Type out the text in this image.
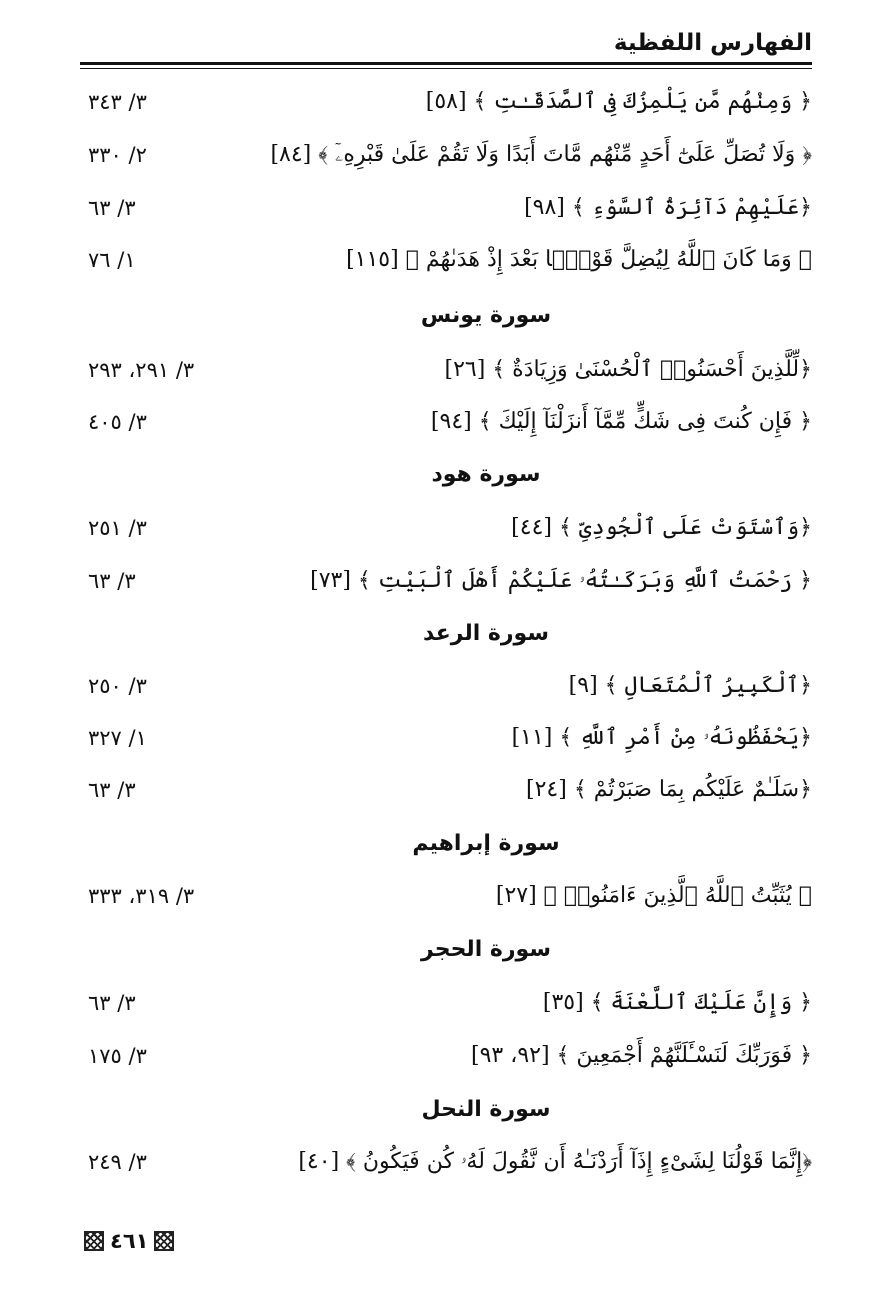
الفهارس اللفظية
٣/ ٣٤٣	﴿ وَمِنْهُم مَّن يَلْمِزُكَ فِى ٱلصَّدَقَـٰتِ ﴾ [٥٨]
٢/ ٣٣٠	﴿ وَلَا تُصَلِّ عَلَىٰٓ أَحَدٍ مِّنْهُم مَّاتَ أَبَدًا وَلَا تَقُمْ عَلَىٰ قَبْرِهِۦٓ ﴾ [٨٤]
٣/ ٦٣	﴿عَلَيْهِمْ دَآئِرَةُ ٱلسَّوْءِ ﴾ [٩٨]
١/ ٧٦	﴿ وَمَا كَانَ ٱللَّهُ لِيُضِلَّ قَوْمًۢا بَعْدَ إِذْ هَدَىٰهُمْ ﴾ [١١٥]
سورة يونس
٣/ ٢٩١، ٢٩٣	﴿لِّلَّذِينَ أَحْسَنُوا۟ ٱلْحُسْنَىٰ وَزِيَادَةٌ ﴾ [٢٦]
٣/ ٤٠٥	﴿ فَإِن كُنتَ فِى شَكٍّ مِّمَّآ أَنزَلْنَآ إِلَيْكَ ﴾ [٩٤]
سورة هود
٣/ ٢٥١	﴿وَٱسْتَوَتْ عَلَى ٱلْجُودِىِّ ﴾ [٤٤]
٣/ ٦٣	﴿ رَحْمَتُ ٱللَّهِ وَبَرَكَـٰتُهُۥ عَلَيْكُمْ أَهْلَ ٱلْبَيْتِ ﴾ [٧٣]
سورة الرعد
٣/ ٢٥٠	﴿ٱلْكَبِيرُ ٱلْمُتَعَالِ ﴾ [٩]
١/ ٣٢٧	﴿يَحْفَظُونَهُۥ مِنْ أَمْرِ ٱللَّهِ ﴾ [١١]
٣/ ٦٣	﴿سَلَـٰمٌ عَلَيْكُم بِمَا صَبَرْتُمْ ﴾ [٢٤]
سورة إبراهيم
٣/ ٣١٩، ٣٣٣	﴿ يُثَبِّتُ ٱللَّهُ ٱلَّذِينَ ءَامَنُوا۟ ﴾ [٢٧]
سورة الحجر
٣/ ٦٣	﴿ وَإِنَّ عَلَيْكَ ٱللَّعْنَةَ ﴾ [٣٥]
٣/ ١٧٥	﴿ فَوَرَبِّكَ لَنَسْـَٔلَنَّهُمْ أَجْمَعِينَ ﴾ [٩٢، ٩٣]
سورة النحل
٣/ ٢٤٩	﴿إِنَّمَا قَوْلُنَا لِشَىْءٍ إِذَآ أَرَدْنَـٰهُ أَن نَّقُولَ لَهُۥ كُن فَيَكُونُ ﴾ [٤٠]
٤٦١
